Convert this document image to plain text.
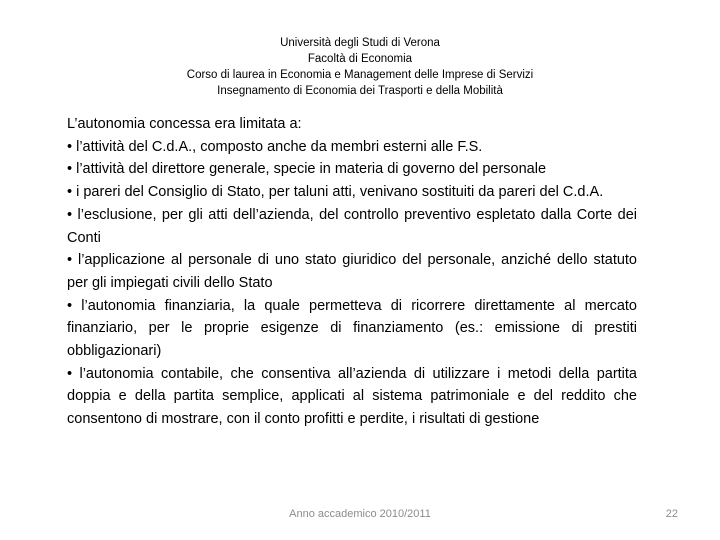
Università degli Studi di Verona
Facoltà di Economia
Corso di laurea in Economia e Management delle Imprese di Servizi
Insegnamento di Economia dei Trasporti e della Mobilità

L’autonomia concessa era limitata a:

• l’attività del C.d.A., composto anche da membri esterni alle F.S.

• l’attività del direttore generale, specie in materia di governo del personale

• i pareri del Consiglio di Stato, per taluni atti, venivano sostituiti da pareri del C.d.A.

• l’esclusione, per gli atti dell’azienda, del controllo preventivo espletato dalla Corte dei Conti

• l’applicazione al personale di uno stato giuridico del personale, anziché dello statuto per gli impiegati civili dello Stato

• l’autonomia finanziaria, la quale permetteva di ricorrere direttamente al mercato finanziario, per le proprie esigenze di finanziamento (es.: emissione di prestiti obbligazionari)

• l’autonomia contabile, che consentiva all’azienda di utilizzare i metodi della partita doppia e della partita semplice, applicati al sistema patrimoniale e del reddito che consentono di mostrare, con il conto profitti e perdite, i risultati di gestione

Anno accademico 2010/2011	22
